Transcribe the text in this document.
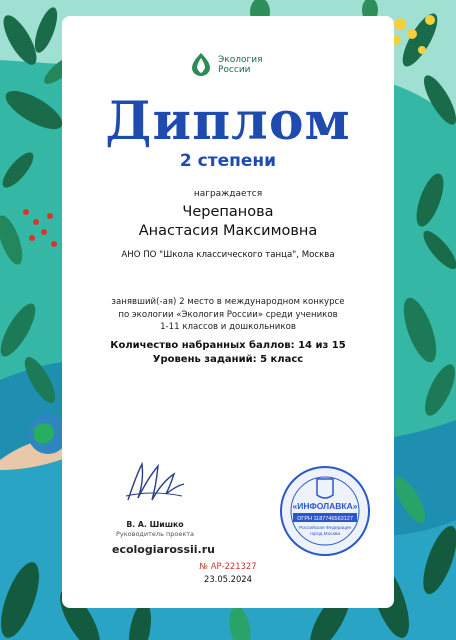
Экология
России
Диплом
2 степени
награждается
Черепанова
Анастасия Максимовна
АНО ПО "Школа классического танца", Москва
занявший(-ая) 2 место в международном конкурсе
по экологии «Экология России» среди учеников
1-11 классов и дошкольников
Количество набранных баллов: 14 из 15
Уровень заданий: 5 класс
В. А. Шишко
Руководитель проекта
ecologiarossii.ru
«ИНФОЛАВКА»
ОГРН 1187746563127
Российская Федерация
город Москва
№ АР-221327
23.05.2024
